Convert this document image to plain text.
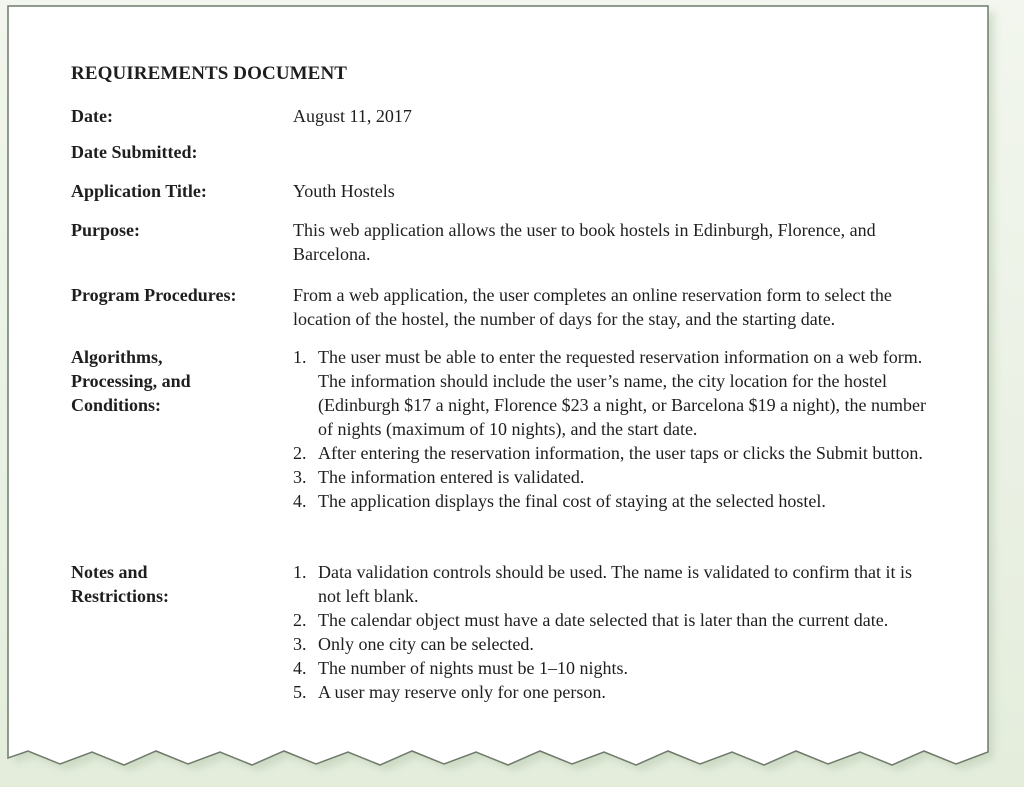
REQUIREMENTS DOCUMENT
Date:	August 11, 2017
Date Submitted:
Application Title:	Youth Hostels
Purpose:	This web application allows the user to book hostels in Edinburgh, Florence, and Barcelona.
Program Procedures:	From a web application, the user completes an online reservation form to select the location of the hostel, the number of days for the stay, and the starting date.
Algorithms,
Processing, and
Conditions:
1. The user must be able to enter the requested reservation information on a web form. The information should include the user’s name, the city location for the hostel (Edinburgh $17 a night, Florence $23 a night, or Barcelona $19 a night), the number of nights (maximum of 10 nights), and the start date.
2. After entering the reservation information, the user taps or clicks the Submit button.
3. The information entered is validated.
4. The application displays the final cost of staying at the selected hostel.
Notes and
Restrictions:
1. Data validation controls should be used. The name is validated to confirm that it is not left blank.
2. The calendar object must have a date selected that is later than the current date.
3. Only one city can be selected.
4. The number of nights must be 1–10 nights.
5. A user may reserve only for one person.
